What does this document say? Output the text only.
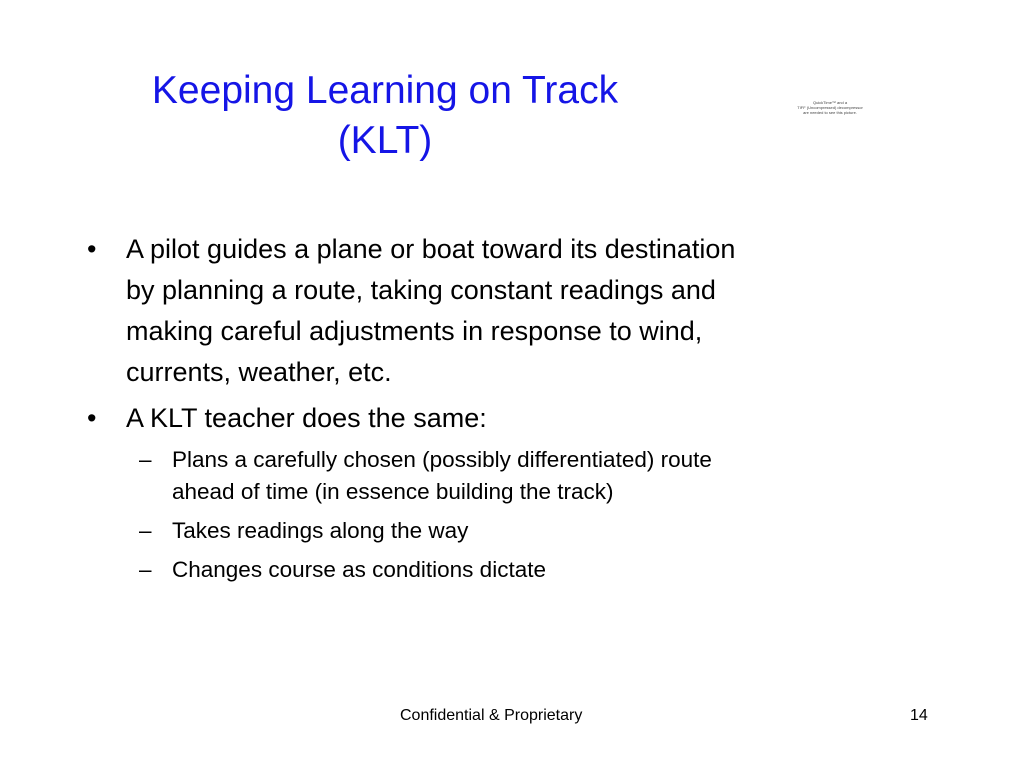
Keeping Learning on Track
(KLT)
QuickTime™ and a
TIFF (Uncompressed) decompressor
are needed to see this picture.
• A pilot guides a plane or boat toward its destination
by planning a route, taking constant readings and
making careful adjustments in response to wind,
currents, weather, etc.
• A KLT teacher does the same:
– Plans a carefully chosen (possibly differentiated) route
ahead of time (in essence building the track)
– Takes readings along the way
– Changes course as conditions dictate
Confidential & Proprietary	14
